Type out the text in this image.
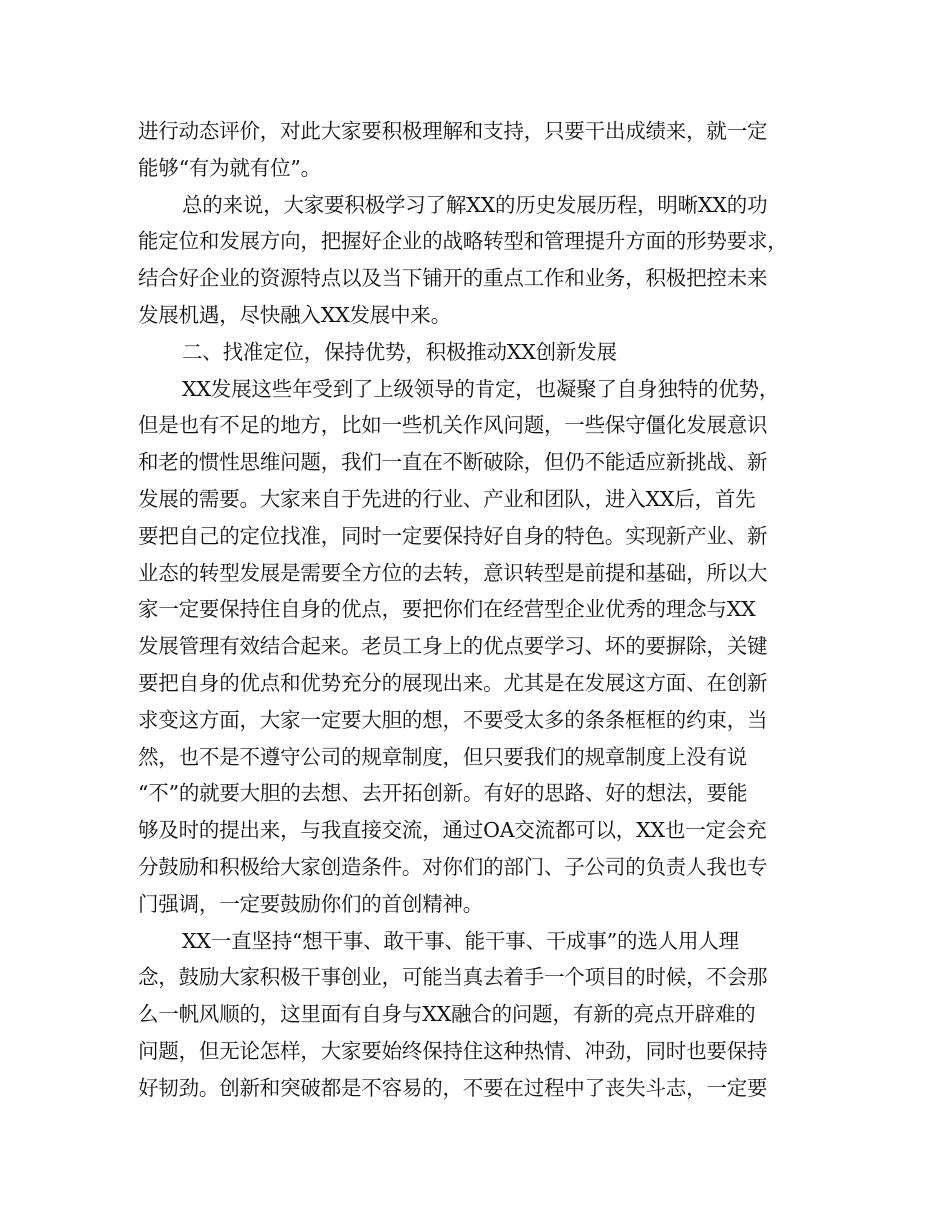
进行动态评价，对此大家要积极理解和支持，只要干出成绩来，就一定
能够“有为就有位”。
总的来说，大家要积极学习了解XX的历史发展历程，明晰XX的功
能定位和发展方向，把握好企业的战略转型和管理提升方面的形势要求，
结合好企业的资源特点以及当下铺开的重点工作和业务，积极把控未来
发展机遇，尽快融入XX发展中来。
二、找准定位，保持优势，积极推动XX创新发展
XX发展这些年受到了上级领导的肯定，也凝聚了自身独特的优势，
但是也有不足的地方，比如一些机关作风问题，一些保守僵化发展意识
和老的惯性思维问题，我们一直在不断破除，但仍不能适应新挑战、新
发展的需要。大家来自于先进的行业、产业和团队，进入XX后，首先
要把自己的定位找准，同时一定要保持好自身的特色。实现新产业、新
业态的转型发展是需要全方位的去转，意识转型是前提和基础，所以大
家一定要保持住自身的优点，要把你们在经营型企业优秀的理念与XX
发展管理有效结合起来。老员工身上的优点要学习、坏的要摒除，关键
要把自身的优点和优势充分的展现出来。尤其是在发展这方面、在创新
求变这方面，大家一定要大胆的想，不要受太多的条条框框的约束，当
然，也不是不遵守公司的规章制度，但只要我们的规章制度上没有说
“不”的就要大胆的去想、去开拓创新。有好的思路、好的想法，要能
够及时的提出来，与我直接交流，通过OA交流都可以，XX也一定会充
分鼓励和积极给大家创造条件。对你们的部门、子公司的负责人我也专
门强调，一定要鼓励你们的首创精神。
XX一直坚持“想干事、敢干事、能干事、干成事”的选人用人理
念，鼓励大家积极干事创业，可能当真去着手一个项目的时候，不会那
么一帆风顺的，这里面有自身与XX融合的问题，有新的亮点开辟难的
问题，但无论怎样，大家要始终保持住这种热情、冲劲，同时也要保持
好韧劲。创新和突破都是不容易的，不要在过程中了丧失斗志，一定要
